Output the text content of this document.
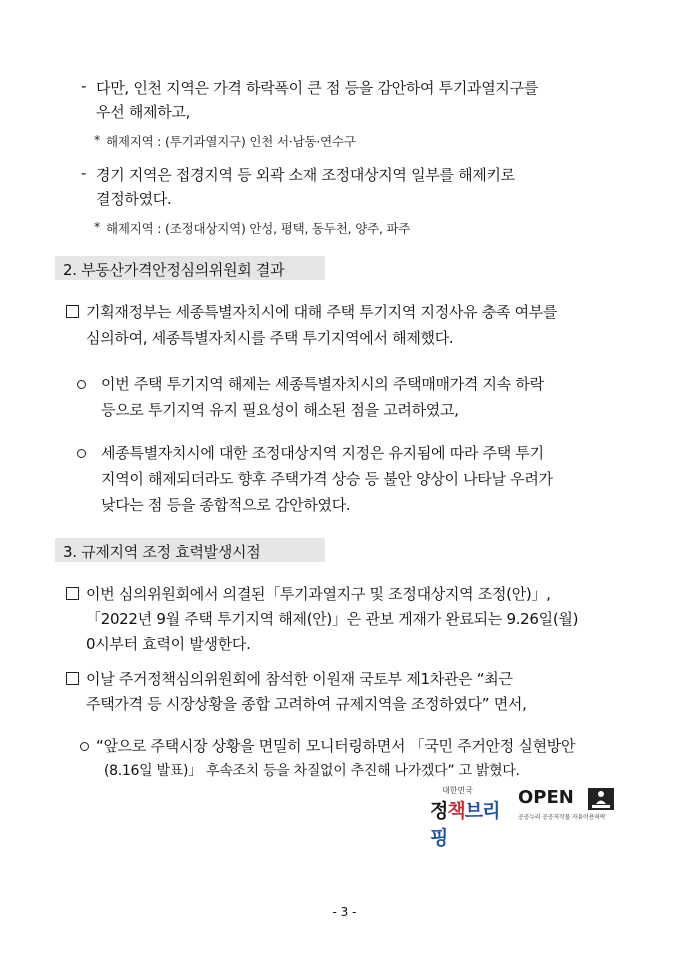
- 다만, 인천 지역은 가격 하락폭이 큰 점 등을 감안하여 투기과열지구를
우선 해제하고,
* 해제지역 : (투기과열지구) 인천 서·남동·연수구
- 경기 지역은 접경지역 등 외곽 소재 조정대상지역 일부를 해제키로
결정하였다.
* 해제지역 : (조정대상지역) 안성, 평택, 동두천, 양주, 파주
2. 부동산가격안정심의위원회 결과
기획재정부는 세종특별자치시에 대해 주택 투기지역 지정사유 충족 여부를
심의하여, 세종특별자치시를 주택 투기지역에서 해제했다.
이번 주택 투기지역 해제는 세종특별자치시의 주택매매가격 지속 하락
등으로 투기지역 유지 필요성이 해소된 점을 고려하였고,
세종특별자치시에 대한 조정대상지역 지정은 유지됨에 따라 주택 투기
지역이 해제되더라도 향후 주택가격 상승 등 불안 양상이 나타날 우려가
낮다는 점 등을 종합적으로 감안하였다.
3. 규제지역 조정 효력발생시점
이번 심의위원회에서 의결된「투기과열지구 및 조정대상지역 조정(안)」,
「2022년 9월 주택 투기지역 해제(안)」은 관보 게재가 완료되는 9.26일(월)
0시부터 효력이 발생한다.
이날 주거정책심의위원회에 참석한 이원재 국토부 제1차관은 “최근
주택가격 등 시장상황을 종합 고려하여 규제지역을 조정하였다” 면서,
“앞으로 주택시장 상황을 면밀히 모니터링하면서 「국민 주거안정 실현방안
(8.16일 발표)」 후속조치 등을 차질없이 추진해 나가겠다” 고 밝혔다.
대한민국
정책브리핑
OPEN
공공누리 공공저작물 자유이용허락
- 3 -
